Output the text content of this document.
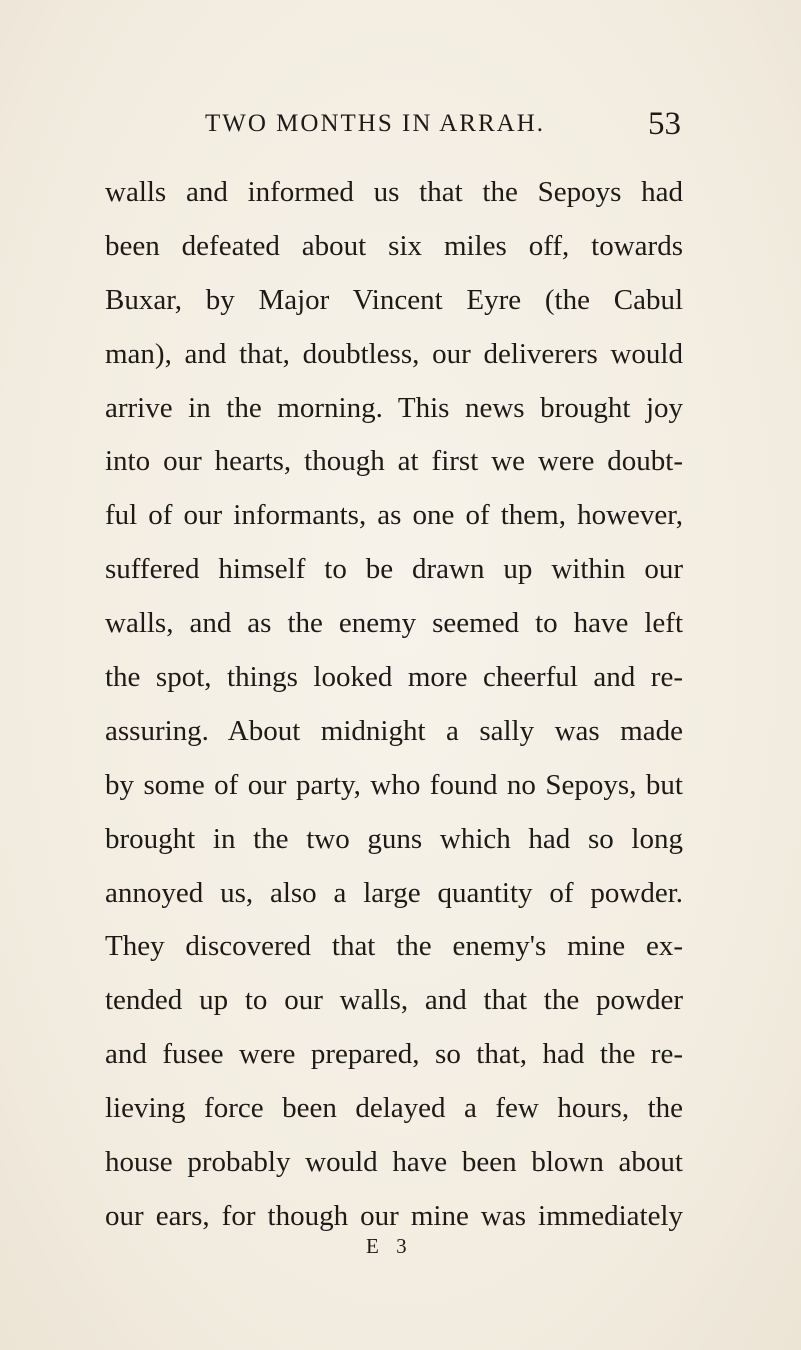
TWO MONTHS IN ARRAH.	53
walls and informed us that the Sepoys had
been defeated about six miles off, towards
Buxar, by Major Vincent Eyre (the Cabul
man), and that, doubtless, our deliverers would
arrive in the morning. This news brought joy
into our hearts, though at first we were doubt-
ful of our informants, as one of them, however,
suffered himself to be drawn up within our
walls, and as the enemy seemed to have left
the spot, things looked more cheerful and re-
assuring. About midnight a sally was made
by some of our party, who found no Sepoys, but
brought in the two guns which had so long
annoyed us, also a large quantity of powder.
They discovered that the enemy's mine ex-
tended up to our walls, and that the powder
and fusee were prepared, so that, had the re-
lieving force been delayed a few hours, the
house probably would have been blown about
our ears, for though our mine was immediately
E 3
